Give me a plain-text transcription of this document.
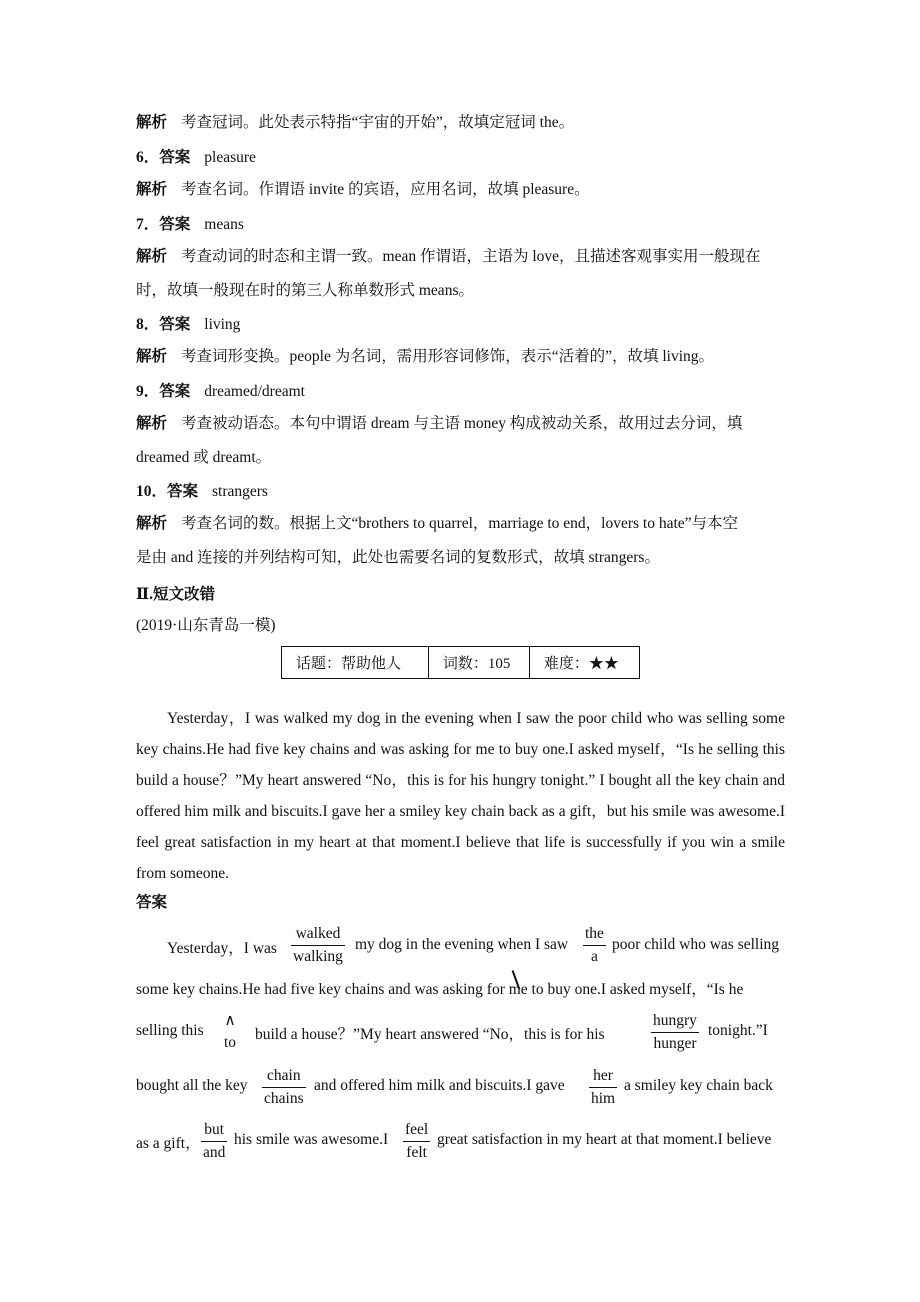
解析 考查冠词。此处表示特指“宇宙的开始”，故填定冠词 the。
6．答案 pleasure
解析 考查名词。作谓语 invite 的宾语，应用名词，故填 pleasure。
7．答案 means
解析 考查动词的时态和主谓一致。mean 作谓语，主语为 love，且描述客观事实用一般现在
时，故填一般现在时的第三人称单数形式 means。
8．答案 living
解析 考查词形变换。people 为名词，需用形容词修饰，表示“活着的”，故填 living。
9．答案 dreamed/dreamt
解析 考查被动语态。本句中谓语 dream 与主语 money 构成被动关系，故用过去分词，填
dreamed 或 dreamt。
10．答案 strangers
解析 考查名词的数。根据上文“brothers to quarrel，marriage to end，lovers to hate”与本空
是由 and 连接的并列结构可知，此处也需要名词的复数形式，故填 strangers。
Ⅱ.短文改错
(2019·山东青岛一模)
话题：帮助他人	词数：105	难度：★★
Yesterday，I was walked my dog in the evening when I saw the poor child who was selling some key chains.He had five key chains and was asking for me to buy one.I asked myself，“Is he selling this build a house？”My heart answered “No，this is for his hungry tonight.” I bought all the key chain and offered him milk and biscuits.I gave her a smiley key chain back as a gift，but his smile was awesome.I feel great satisfaction in my heart at that moment.I believe that life is successfully if you win a smile from someone.
答案
Yesterday，I was	my dog in the evening when I saw	poor child who was selling
walked
walking
the
a
some key chains.He had five key chains and was asking for me to buy one.I asked myself，“Is he
selling this	build a house？”My heart answered “No，this is for his	tonight.”I
∧
to
hungry
hunger
bought all the key	and offered him milk and biscuits.I gave	a smiley key chain back
chain
chains
her
him
as a gift， his smile was awesome.I	great satisfaction in my heart at that moment.I believe
but
and
feel
felt
